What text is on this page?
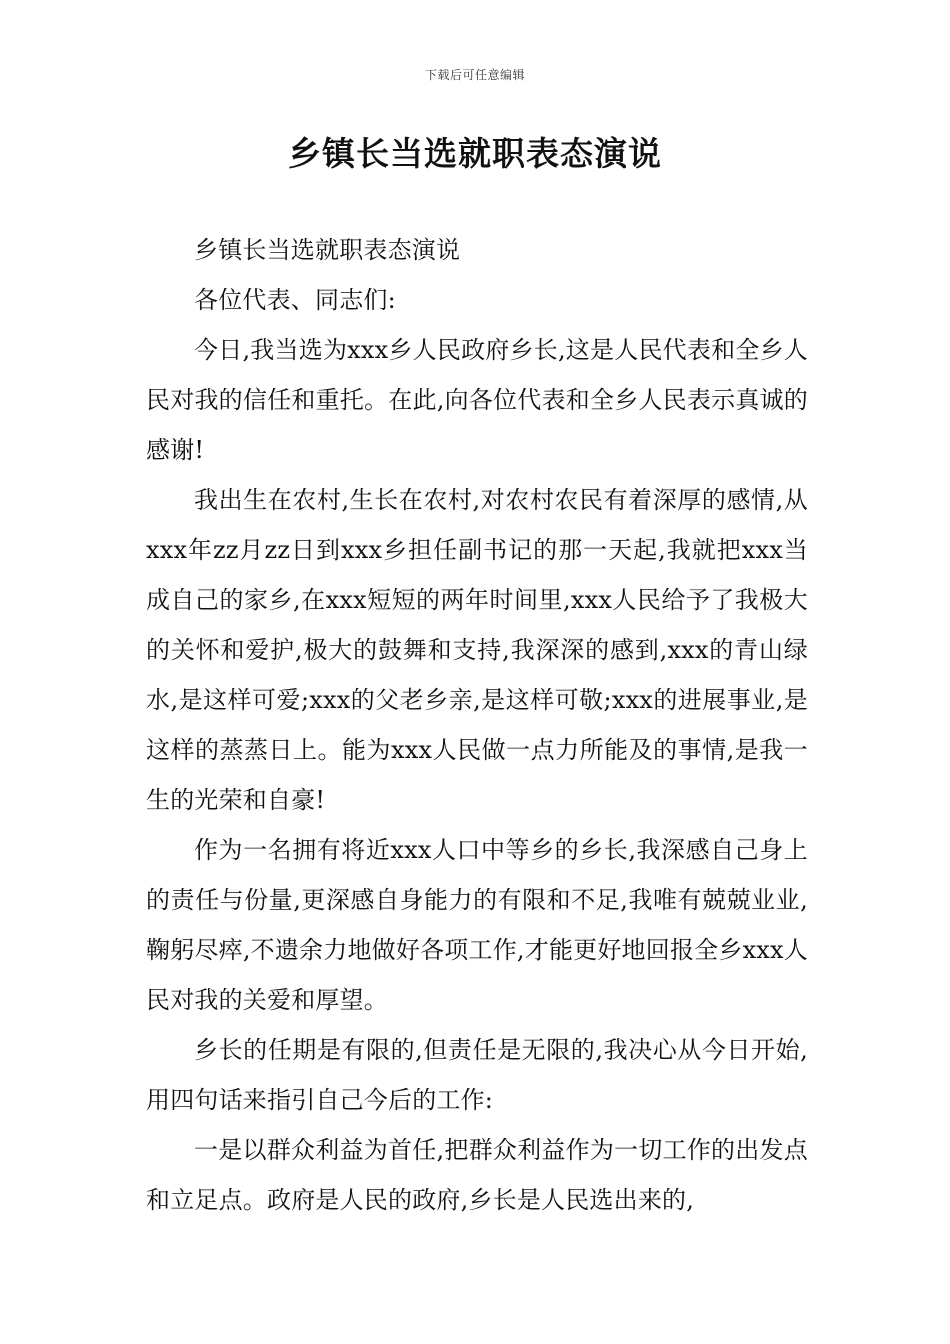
下载后可任意编辑
乡镇长当选就职表态演说

乡镇长当选就职表态演说

各位代表、同志们:

今日,我当选为xxx乡人民政府乡长,这是人民代表和全乡人民对我的信任和重托。在此,向各位代表和全乡人民表示真诚的感谢!

我出生在农村,生长在农村,对农村农民有着深厚的感情,从xxx年zz月zz日到xxx乡担任副书记的那一天起,我就把xxx当成自己的家乡,在xxx短短的两年时间里,xxx人民给予了我极大的关怀和爱护,极大的鼓舞和支持,我深深的感到,xxx的青山绿水,是这样可爱;xxx的父老乡亲,是这样可敬;xxx的进展事业,是这样的蒸蒸日上。能为xxx人民做一点力所能及的事情,是我一生的光荣和自豪!

作为一名拥有将近xxx人口中等乡的乡长,我深感自己身上的责任与份量,更深感自身能力的有限和不足,我唯有兢兢业业,鞠躬尽瘁,不遗余力地做好各项工作,才能更好地回报全乡xxx人民对我的关爱和厚望。

乡长的任期是有限的,但责任是无限的,我决心从今日开始,用四句话来指引自己今后的工作:

一是以群众利益为首任,把群众利益作为一切工作的出发点和立足点。政府是人民的政府,乡长是人民选出来的,
